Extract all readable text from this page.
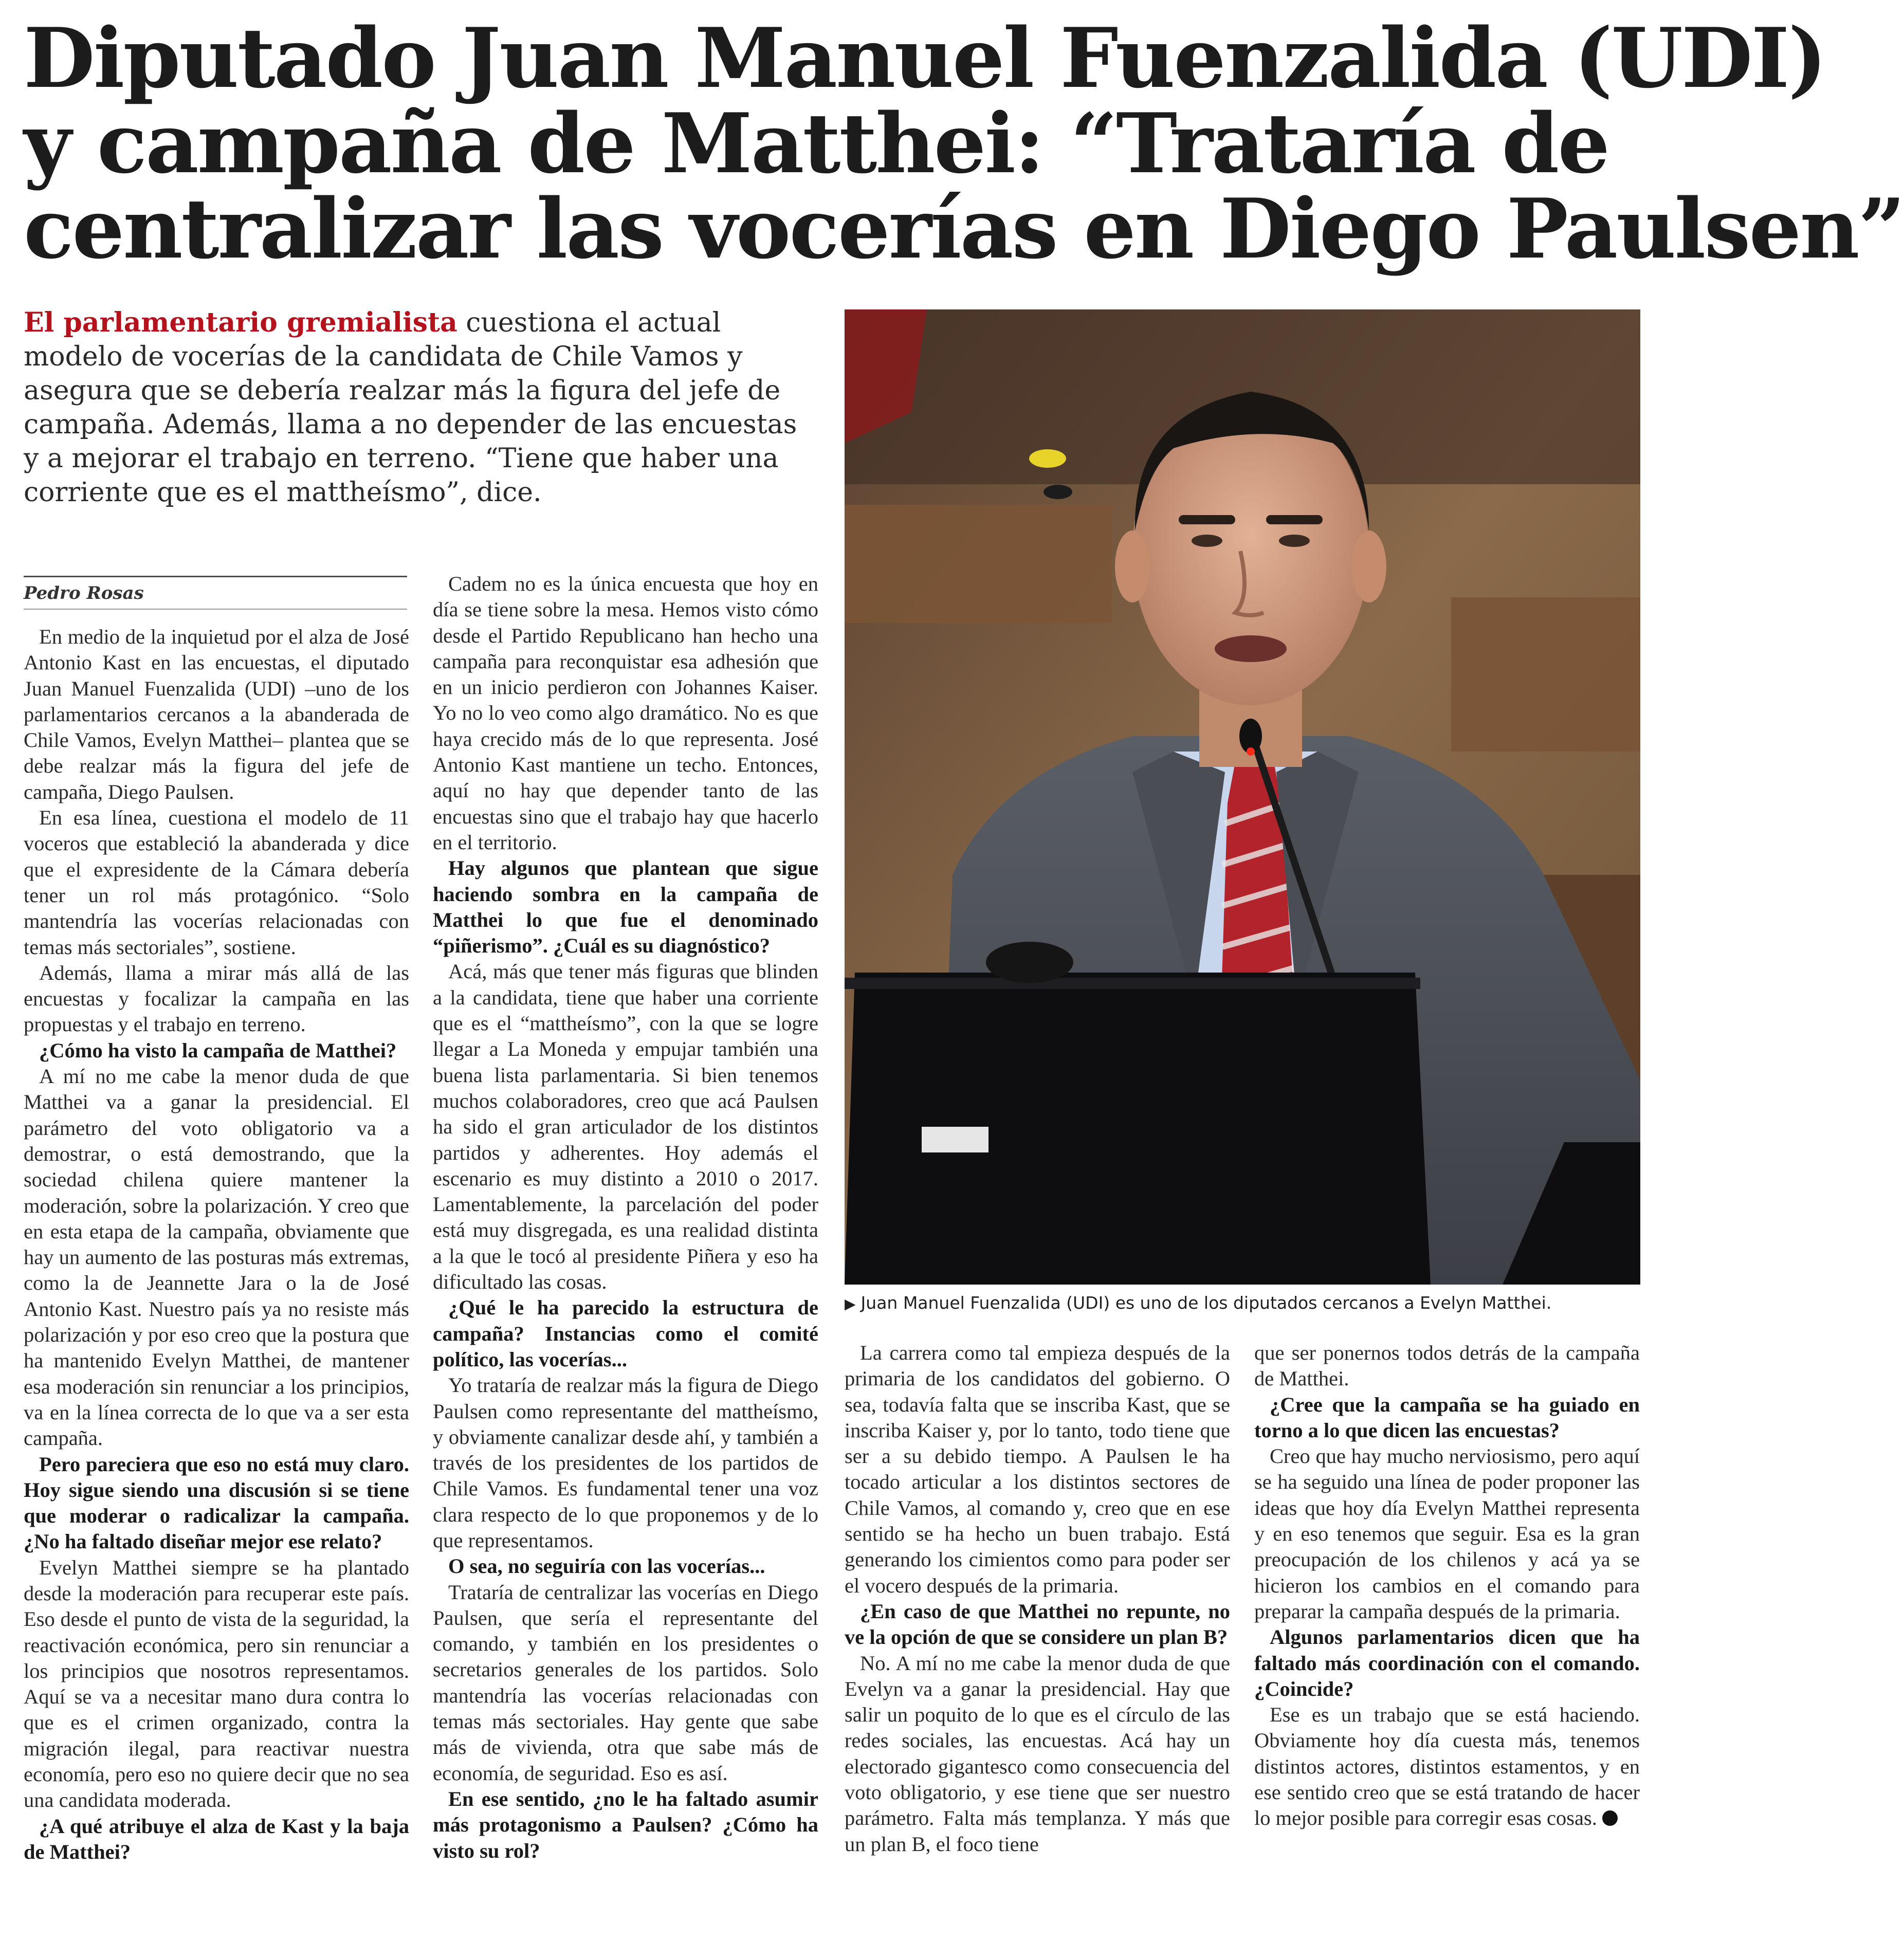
Diputado Juan Manuel Fuenzalida (UDI)
y campaña de Matthei: “Trataría de
centralizar las vocerías en Diego Paulsen”
El parlamentario gremialista cuestiona el actual
modelo de vocerías de la candidata de Chile Vamos y
asegura que se debería realzar más la figura del jefe de
campaña. Además, llama a no depender de las encuestas
y a mejorar el trabajo en terreno. “Tiene que haber una
corriente que es el mattheísmo”, dice.
▶ Juan Manuel Fuenzalida (UDI) es uno de los diputados cercanos a Evelyn Matthei.
Pedro Rosas

En medio de la inquietud por el alza de José Antonio Kast en las encuestas, el diputado Juan Manuel Fuenzalida (UDI) –uno de los parlamentarios cercanos a la abanderada de Chile Vamos, Evelyn Matthei– plantea que se debe realzar más la figura del jefe de campaña, Diego Paulsen.

En esa línea, cuestiona el modelo de 11 voceros que estableció la abanderada y dice que el expresidente de la Cámara debería tener un rol más protagónico. “Solo mantendría las vocerías relacionadas con temas más sectoriales”, sostiene.

Además, llama a mirar más allá de las encuestas y focalizar la campaña en las propuestas y el trabajo en terreno.

¿Cómo ha visto la campaña de Matthei?

A mí no me cabe la menor duda de que Matthei va a ganar la presidencial. El parámetro del voto obligatorio va a demostrar, o está demostrando, que la sociedad chilena quiere mantener la moderación, sobre la polarización. Y creo que en esta etapa de la campaña, obviamente que hay un aumento de las posturas más extremas, como la de Jeannette Jara o la de José Antonio Kast. Nuestro país ya no resiste más polarización y por eso creo que la postura que ha mantenido Evelyn Matthei, de mantener esa moderación sin renunciar a los principios, va en la línea correcta de lo que va a ser esta campaña.

Pero pareciera que eso no está muy claro. Hoy sigue siendo una discusión si se tiene que moderar o radicalizar la campaña. ¿No ha faltado diseñar mejor ese relato?

Evelyn Matthei siempre se ha plantado desde la moderación para recuperar este país. Eso desde el punto de vista de la seguridad, la reactivación económica, pero sin renunciar a los principios que nosotros representamos. Aquí se va a necesitar mano dura contra lo que es el crimen organizado, contra la migración ilegal, para reactivar nuestra economía, pero eso no quiere decir que no sea una candidata moderada.

¿A qué atribuye el alza de Kast y la baja de Matthei?

Cadem no es la única encuesta que hoy en día se tiene sobre la mesa. Hemos visto cómo desde el Partido Republicano han hecho una campaña para reconquistar esa adhesión que en un inicio perdieron con Johannes Kaiser. Yo no lo veo como algo dramático. No es que haya crecido más de lo que representa. José Antonio Kast mantiene un techo. Entonces, aquí no hay que depender tanto de las encuestas sino que el trabajo hay que hacerlo en el territorio.

Hay algunos que plantean que sigue haciendo sombra en la campaña de Matthei lo que fue el denominado “piñerismo”. ¿Cuál es su diagnóstico?

Acá, más que tener más figuras que blinden a la candidata, tiene que haber una corriente que es el “mattheísmo”, con la que se logre llegar a La Moneda y empujar también una buena lista parlamentaria. Si bien tenemos muchos colaboradores, creo que acá Paulsen ha sido el gran articulador de los distintos partidos y adherentes. Hoy además el escenario es muy distinto a 2010 o 2017. Lamentablemente, la parcelación del poder está muy disgregada, es una realidad distinta a la que le tocó al presidente Piñera y eso ha dificultado las cosas.

¿Qué le ha parecido la estructura de campaña? Instancias como el comité político, las vocerías...

Yo trataría de realzar más la figura de Diego Paulsen como representante del mattheísmo, y obviamente canalizar desde ahí, y también a través de los presidentes de los partidos de Chile Vamos. Es fundamental tener una voz clara respecto de lo que proponemos y de lo que representamos.

O sea, no seguiría con las vocerías...

Trataría de centralizar las vocerías en Diego Paulsen, que sería el representante del comando, y también en los presidentes o secretarios generales de los partidos. Solo mantendría las vocerías relacionadas con temas más sectoriales. Hay gente que sabe más de vivienda, otra que sabe más de economía, de seguridad. Eso es así.

En ese sentido, ¿no le ha faltado asumir más protagonismo a Paulsen? ¿Cómo ha visto su rol?

La carrera como tal empieza después de la primaria de los candidatos del gobierno. O sea, todavía falta que se inscriba Kast, que se inscriba Kaiser y, por lo tanto, todo tiene que ser a su debido tiempo. A Paulsen le ha tocado articular a los distintos sectores de Chile Vamos, al comando y, creo que en ese sentido se ha hecho un buen trabajo. Está generando los cimientos como para poder ser el vocero después de la primaria.

¿En caso de que Matthei no repunte, no ve la opción de que se considere un plan B?

No. A mí no me cabe la menor duda de que Evelyn va a ganar la presidencial. Hay que salir un poquito de lo que es el círculo de las redes sociales, las encuestas. Acá hay un electorado gigantesco como consecuencia del voto obligatorio, y ese tiene que ser nuestro parámetro. Falta más templanza. Y más que un plan B, el foco tiene

que ser ponernos todos detrás de la campaña de Matthei.

¿Cree que la campaña se ha guiado en torno a lo que dicen las encuestas?

Creo que hay mucho nerviosismo, pero aquí se ha seguido una línea de poder proponer las ideas que hoy día Evelyn Matthei representa y en eso tenemos que seguir. Esa es la gran preocupación de los chilenos y acá ya se hicieron los cambios en el comando para preparar la campaña después de la primaria.

Algunos parlamentarios dicen que ha faltado más coordinación con el comando. ¿Coincide?

Ese es un trabajo que se está haciendo. Obviamente hoy día cuesta más, tenemos distintos actores, distintos estamentos, y en ese sentido creo que se está tratando de hacer lo mejor posible para corregir esas cosas.
